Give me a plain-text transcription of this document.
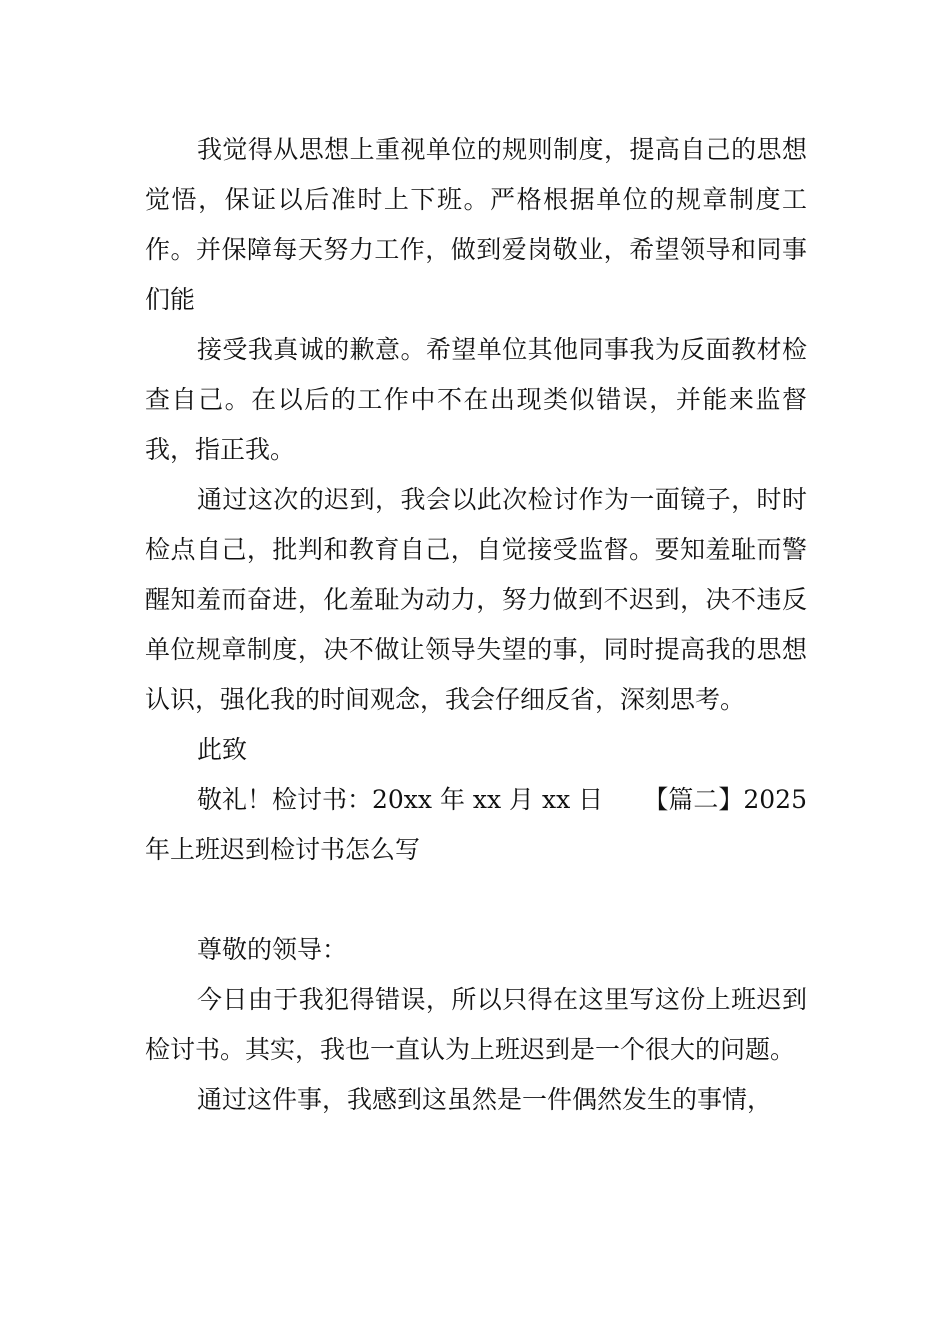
我觉得从思想上重视单位的规则制度，提高自己的思想觉悟，保证以后准时上下班。严格根据单位的规章制度工作。并保障每天努力工作，做到爱岗敬业，希望领导和同事们能

接受我真诚的歉意。希望单位其他同事我为反面教材检查自己。在以后的工作中不在出现类似错误，并能来监督我，指正我。

通过这次的迟到，我会以此次检讨作为一面镜子，时时检点自己，批判和教育自己，自觉接受监督。要知羞耻而警醒知羞而奋进，化羞耻为动力，努力做到不迟到，决不违反单位规章制度，决不做让领导失望的事，同时提高我的思想认识，强化我的时间观念，我会仔细反省，深刻思考。

此致

敬礼！检讨书：20xx 年 xx 月 xx 日 【篇二】2025

年上班迟到检讨书怎么写

尊敬的领导：

今日由于我犯得错误，所以只得在这里写这份上班迟到检讨书。其实，我也一直认为上班迟到是一个很大的问题。

通过这件事，我感到这虽然是一件偶然发生的事情，
